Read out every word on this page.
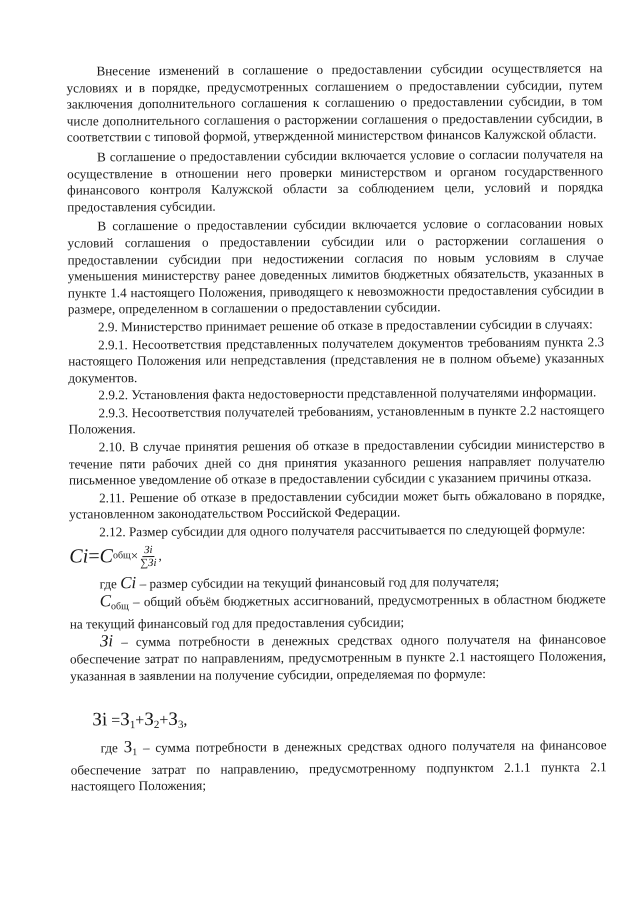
Внесение изменений в соглашение о предоставлении субсидии осуществляется на условиях и в порядке, предусмотренных соглашением о предоставлении субсидии, путем заключения дополнительного соглашения к соглашению о предоставлении субсидии, в том числе дополнительного соглашения о расторжении соглашения о предоставлении субсидии, в соответствии с типовой формой, утвержденной министерством финансов Калужской области.

В соглашение о предоставлении субсидии включается условие о согласии получателя на осуществление в отношении него проверки министерством и органом государственного финансового контроля Калужской области за соблюдением цели, условий и порядка предоставления субсидии.

В соглашение о предоставлении субсидии включается условие о согласовании новых условий соглашения о предоставлении субсидии или о расторжении соглашения о предоставлении субсидии при недостижении согласия по новым условиям в случае уменьшения министерству ранее доведенных лимитов бюджетных обязательств, указанных в пункте 1.4 настоящего Положения, приводящего к невозможности предоставления субсидии в размере, определенном в соглашении о предоставлении субсидии.

2.9. Министерство принимает решение об отказе в предоставлении субсидии в случаях:

2.9.1. Несоответствия представленных получателем документов требованиям пункта 2.3 настоящего Положения или непредставления (представления не в полном объеме) указанных документов.

2.9.2. Установления факта недостоверности представленной получателями информации.

2.9.3. Несоответствия получателей требованиям, установленным в пункте 2.2 настоящего Положения.

2.10. В случае принятия решения об отказе в предоставлении субсидии министерство в течение пяти рабочих дней со дня принятия указанного решения направляет получателю письменное уведомление об отказе в предоставлении субсидии с указанием причины отказа.

2.11. Решение об отказе в предоставлении субсидии может быть обжаловано в порядке, установленном законодательством Российской Федерации.

2.12. Размер субсидии для одного получателя рассчитывается по следующей формуле:

Ci = C общ × $\frac{Зi}{\sum Зi}$ ,

где Ci – размер субсидии на текущий финансовый год для получателя;

$C_{общ}$ – общий объём бюджетных ассигнований, предусмотренных в областном бюджете на текущий финансовый год для предоставления субсидии;

Зi – сумма потребности в денежных средствах одного получателя на финансовое обеспечение затрат по направлениям, предусмотренным в пункте 2.1 настоящего Положения, указанная в заявлении на получение субсидии, определяемая по формуле:

Зi $=З_1+З_2+З_3$,

где $З_1$ – сумма потребности в денежных средствах одного получателя на финансовое обеспечение затрат по направлению, предусмотренному подпунктом 2.1.1 пункта 2.1 настоящего Положения;
